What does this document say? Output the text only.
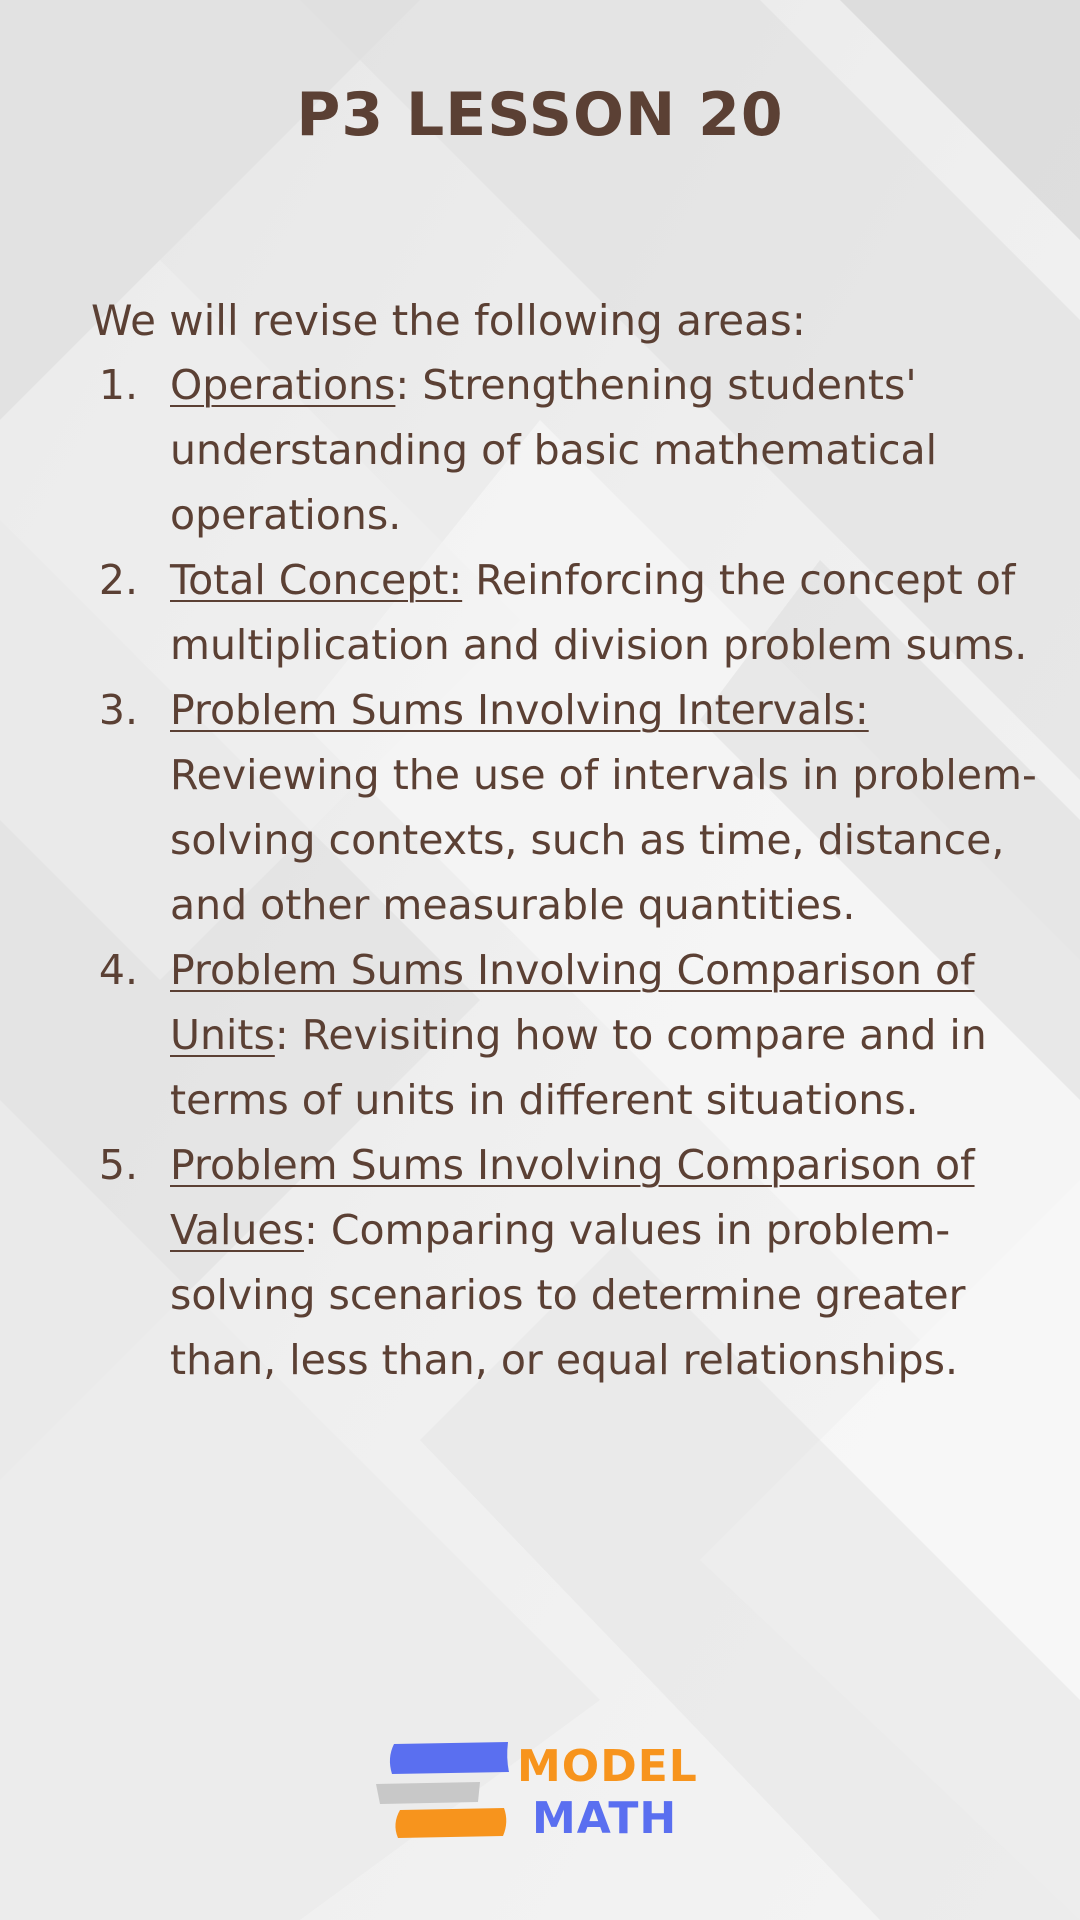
P3 LESSON 20
We will revise the following areas:
1. Operations: Strengthening students' understanding of basic mathematical operations.
2. Total Concept: Reinforcing the concept of multiplication and division problem sums.
3. Problem Sums Involving Intervals: Reviewing the use of intervals in problem-solving contexts, such as time, distance, and other measurable quantities.
4. Problem Sums Involving Comparison of Units: Revisiting how to compare and in terms of units in different situations.
5. Problem Sums Involving Comparison of Values: Comparing values in problem-solving scenarios to determine greater than, less than, or equal relationships.
MODEL
MATH
